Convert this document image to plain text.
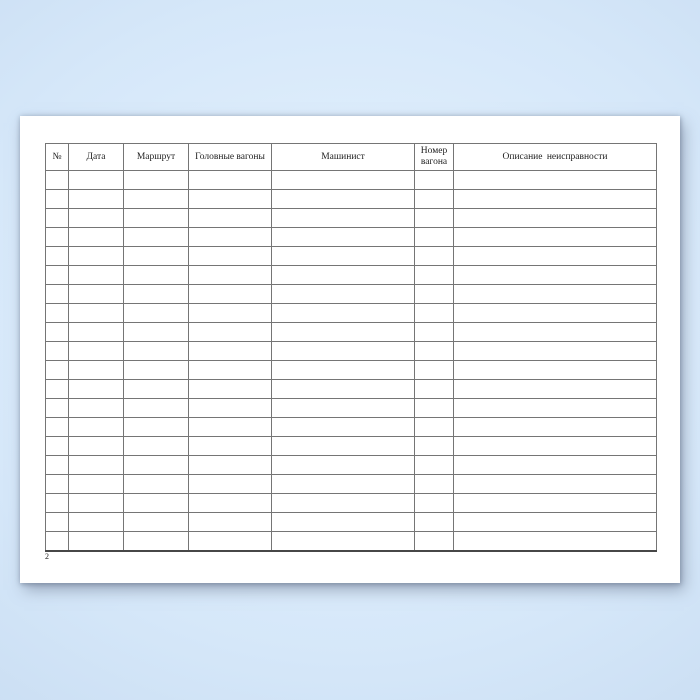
№	Дата	Маршрут	Головные вагоны	Машинист	Номер вагона	Описание неисправности

2
